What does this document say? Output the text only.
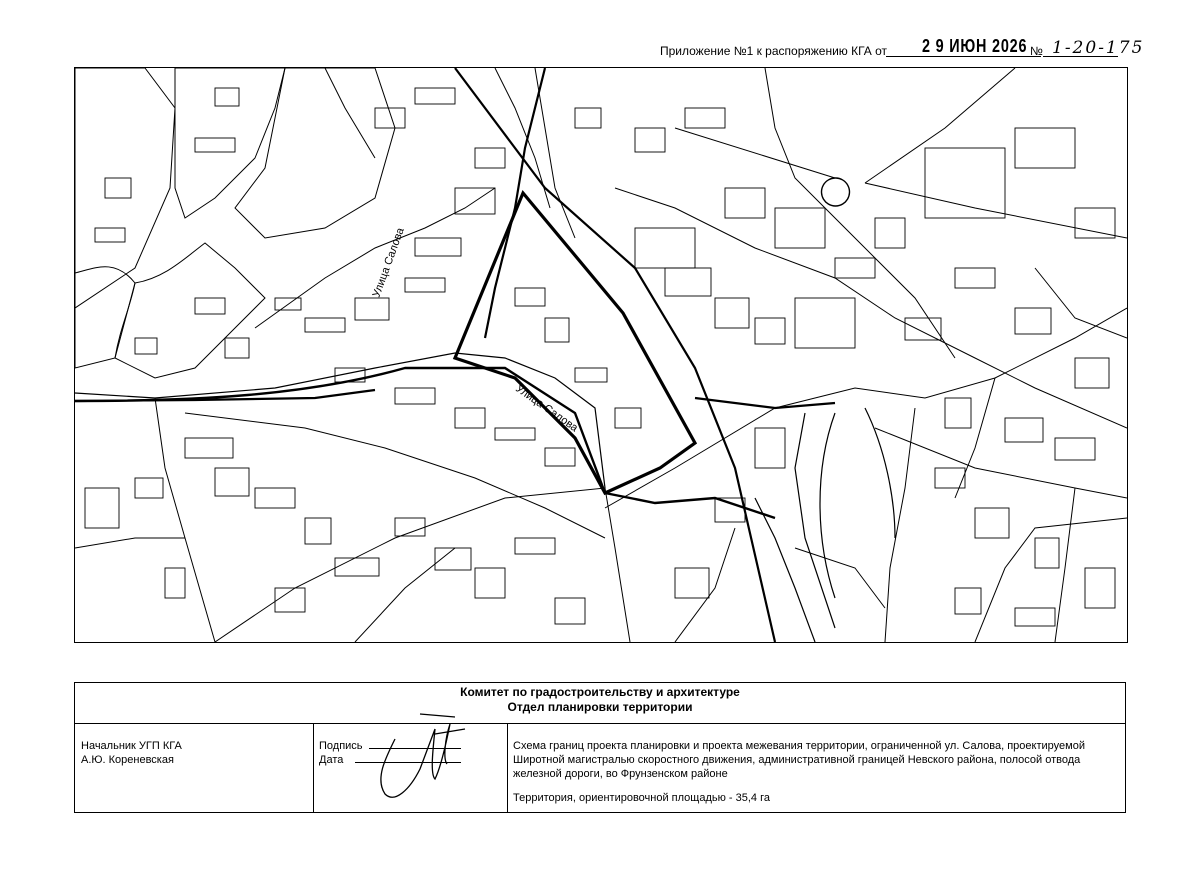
Приложение №1 к распоряжению КГА от 2 9 ИЮН 2026 № 1-20-175
Улица Салова
Улица Салова
Комитет по градостроительству и архитектуре
Отдел планировки территории
Начальник УГП КГА
А.Ю. Кореневская
Подпись
Дата
Схема границ проекта планировки и проекта межевания территории, ограниченной ул. Салова, проектируемой Широтной магистралью скоростного движения, административной границей Невского района, полосой отвода железной дороги, во Фрунзенском районе
Территория, ориентировочной площадью - 35,4 га
